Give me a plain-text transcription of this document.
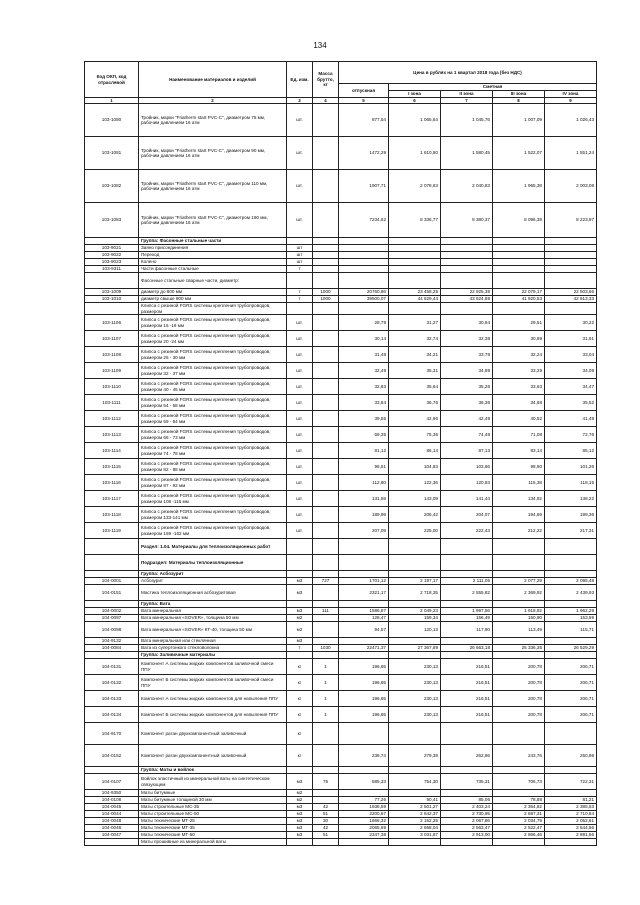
134
Код ОКП, код отраслевой	Наименование материалов и изделий	Ед. изм.	Масса брутто, кг	Цена в рублях на 1 квартал 2018 года (без НДС)				
				отпускная	Сметная			
					I зона	II зона	III зона	IV зона
1	2	3	4	5	6	7	8	9
103-1080	Тройник, марки "Friatherm start PVC-C", диаметром 75 мм, рабочим давлением 16 атм	шт.		877,54	1 065,64	1 045,76	1 007,09	1 026,43
103-1081	Тройник, марки "Friatherm start PVC-C", диаметром 90 мм, рабочим давлением 16 атм	шт.		1472,29	1 610,50	1 580,45	1 522,07	1 551,24
103-1082	Тройник, марки "Friatherm start PVC-C", диаметром 110 мм, рабочим давлением 16 атм	шт.		1907,71	2 078,63	2 040,83	1 965,38	2 003,08
103-1083	Тройник, марки "Friatherm start PVC-C", диаметром 160 мм, рабочим давлением 16 атм	шт.		7234,62	8 336,77	8 380,37	8 096,39	8 223,97
	Группа: Фасонные стальные части							
103-9021	Заяно присоединения	шт						
103-9022	Переход	шт						
103-9023	Колено	шт						
103-9311	Части фасонные стальные	т						
	Фасонные стальные сварные части, диаметр:							
103-1009	диаметр до 800 мм	т	1000	20760,86	23 458,25	22 925,38	22 079,17	22 503,66
103-1010	диаметр свыше 800 мм	т	1000	39500,07	44 629,44	43 624,88	41 920,53	42 813,33
	Клипса с резиной FGRS системы крепления трубопроводов, размером							
103-1106	Клипса с резиной FGRS системы крепления трубопроводов, размером 15 -19 мм	шт.		28,79	31,27	30,94	29,51	30,22
103-1107	Клипса с резиной FGRS системы крепления трубопроводов, размером 20 -24 мм	шт.		30,14	32,74	32,38	30,89	31,61
103-1108	Клипса с резиной FGRS системы крепления трубопроводов, размером 25 - 30 мм	шт.		31,48	34,21	33,78	32,24	33,04
103-1109	Клипса с резиной FGRS системы крепления трубопроводов, размером 32 - 37 мм	шт.		32,49	35,31	34,89	33,29	34,09
103-1110	Клипса с резиной FGRS системы крепления трубопроводов, размером 40 - 45 мм	шт.		32,83	35,64	35,26	33,63	34,47
103-1111	Клипса с резиной FGRS системы крепления трубопроводов, размером 54 - 58 мм	шт.		33,84	36,76	36,36	34,68	35,52
103-1112	Клипса с резиной FGRS системы крепления трубопроводов, размером 59 - 64 мм	шт.		39,55	42,96	42,49	40,52	41,49
103-1113	Клипса с резиной FGRS системы крепления трубопроводов, размером 66 - 73 мм	шт.		69,35	75,36	74,48	71,08	72,76
103-1114	Клипса с резиной FGRS системы крепления трубопроводов, размером 74 - 78 мм	шт.		81,12	86,14	87,13	83,14	85,12
103-1115	Клипса с резиной FGRS системы крепления трубопроводов, размером 82 - 88 мм	шт.		96,51	104,83	103,66	98,90	101,26
103-1116	Клипса с резиной FGRS системы крепления трубопроводов, размером 87 - 92 мм	шт.		112,80	122,36	120,93	115,38	118,15
103-1117	Клипса с резиной FGRS системы крепления трубопроводов, размером 108 -116 мм	шт.		131,59	143,09	141,44	134,92	138,22
103-1118	Клипса с резиной FGRS системы крепления трубопроводов, размером 133-141 мм	шт.		189,99	206,42	204,07	194,69	199,36
103-1119	Клипса с резиной FGRS системы крепления трубопроводов, размером 159 -162 мм	шт.		207,09	225,00	222,43	212,22	217,31
	Раздел: 1.04. Материалы для теплоизоляционных работ							
	Подраздел: Материалы теплоизоляционные							
	Группа: Асбозурит							
104-0001	Асбозурит	м3	727	1701,12	2 197,17	2 111,05	2 077,29	2 095,48
104-0151	Мастика теплоизоляционная асбозуритовая	м3		2321,17	2 718,35	2 555,82	2 369,92	2 439,93
	Группа: Вата							
104-0002	Вата минеральная	м3	111	1586,87	2 049,23	1 997,56	1 918,92	1 962,29
104-0097	Вата минеральная «SOVER», толщина 50 мм	м2		128,47	159,34	156,49	150,90	153,59
104-0098	Вата минеральная «SOVER» КТ-40, толщина 50 мм	м2		94,57	120,13	117,90	113,49	115,71
104-9132	Вата минеральная или стеклянная	м3						
104-0084	Вата из супертонкого стекловолокна	т	1030	22471,37	27 367,89	26 663,18	25 336,35	26 529,29
	Группа: Заливочные материалы							
104-0131	Компонент А системы жидких компонентов заливочной смеси ППУ	кг	1	196,65	230,13	216,51	200,78	206,71
104-0132	Компонент Б системы жидких компонентов заливочной смеси ППУ	кг	1	196,65	230,13	216,51	200,78	206,71
104-0133	Компонент А системы жидких компонентов для напыления ППУ	кг	1	196,65	230,13	216,51	200,78	206,71
104-0134	Компонент Б системы жидких компонентов для напыления ППУ	кг	1	196,65	230,13	216,51	200,78	206,71
104-9170	Компонент ратан двухкомпонентный заливочный	кг						
104-0152	Компонент ратан двухкомпонентный заливочный	кг		238,74	279,39	262,86	243,76	250,98
	Группа: Маты и войлок							
104-0107	Войлок эластичный из минеральной ваты на синтетическом связующем	м3	75	585,33	754,30	735,31	706,73	722,31
104-9350	Маты битумные	м2						
104-0108	Маты битумные толщиной 30 мм	м2		77,26	90,41	85,06	78,88	81,21
104-0045	Маты строительные МС-35	м3	42	1938,59	2 501,27	2 403,24	2 364,82	2 385,53
104-0044	Маты строительные МС-50	м3	51	2200,67	2 842,37	2 730,95	2 687,31	2 710,84
104-0048	Маты технические МТ-25	м3	30	1666,32	2 152,25	2 067,86	2 034,79	2 052,61
104-0046	Маты технические МТ-35	м3	42	2065,69	2 668,04	2 563,47	2 522,47	2 544,56
104-0047	Маты технические МТ-50	м3	51	2347,38	3 031,87	2 913,00	2 866,46	2 891,56
	Маты прошивные из минеральной ваты							
